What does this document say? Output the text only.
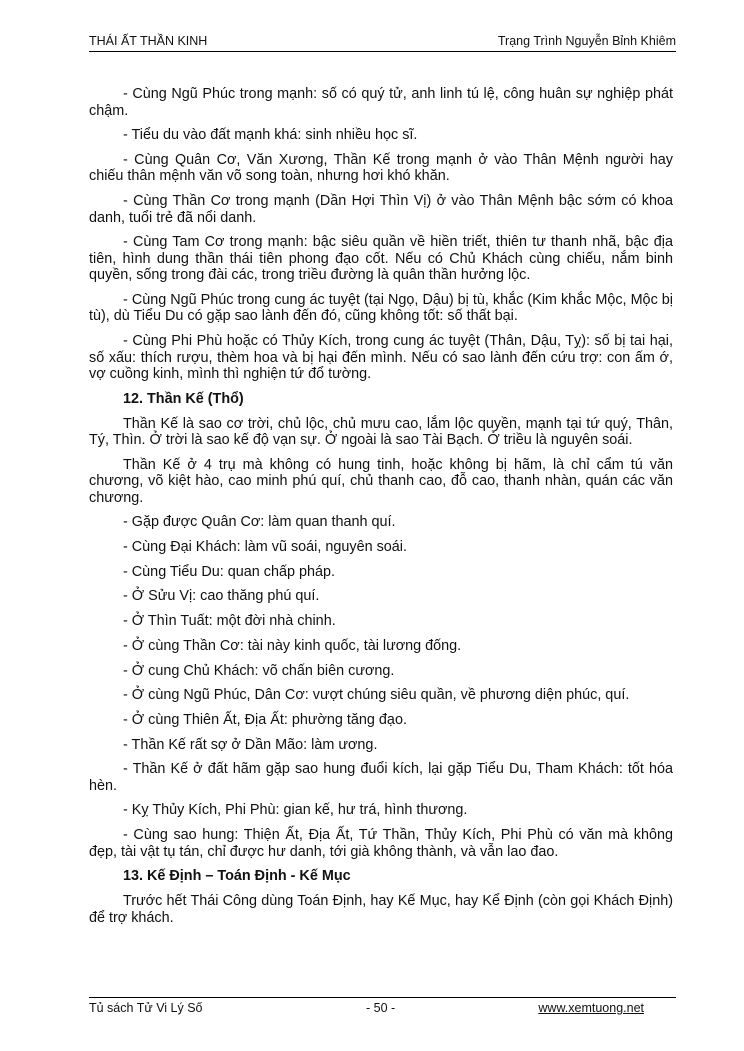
THÁI ẤT THẦN KINH	Trạng Trình Nguyễn Bỉnh Khiêm

- Cùng Ngũ Phúc trong mạnh: số có quý tử, anh linh tú lệ, công huân sự nghiệp phát chậm.

- Tiểu du vào đất mạnh khá: sinh nhiều học sĩ.

- Cùng Quân Cơ, Văn Xương, Thần Kế trong mạnh ở vào Thân Mệnh người hay chiếu thân mệnh văn võ song toàn, nhưng hơi khó khăn.

- Cùng Thần Cơ trong mạnh (Dần Hợi Thìn Vị) ở vào Thân Mệnh bậc sớm có khoa danh, tuổi trẻ đã nổi danh.

- Cùng Tam Cơ trong mạnh: bậc siêu quần về hiền triết, thiên tư thanh nhã, bậc địa tiên, hình dung thần thái tiên phong đạo cốt. Nếu có Chủ Khách cùng chiếu, nắm binh quyền, sống trong đài các, trong triều đường là quân thần hưởng lộc.

- Cùng Ngũ Phúc trong cung ác tuyệt (tại Ngọ, Dậu) bị tù, khắc (Kim khắc Mộc, Mộc bị tù), dù Tiểu Du có gặp sao lành đến đó, cũng không tốt: số thất bại.

- Cùng Phi Phù hoặc có Thủy Kích, trong cung ác tuyệt (Thân, Dậu, Tỵ): số bị tai hại, số xấu: thích rượu, thèm hoa và bị hại đến mình. Nếu có sao lành đến cứu trợ: con ấm ớ, vợ cuồng kinh, mình thì nghiện tứ đổ tường.

12. Thần Kế (Thổ)

Thần Kế là sao cơ trời, chủ lộc, chủ mưu cao, lắm lộc quyền, mạnh tại tứ quý, Thân, Tý, Thìn. Ở trời là sao kế độ vạn sự. Ở ngoài là sao Tài Bạch. Ở triều là nguyên soái.

Thần Kế ở 4 trụ mà không có hung tinh, hoặc không bị hãm, là chỉ cẩm tú văn chương, võ kiệt hào, cao minh phú quí, chủ thanh cao, đỗ cao, thanh nhàn, quán các văn chương.

- Gặp được Quân Cơ: làm quan thanh quí.

- Cùng Đại Khách: làm vũ soái, nguyên soái.

- Cùng Tiểu Du: quan chấp pháp.

- Ở Sửu Vị: cao thăng phú quí.

- Ở Thìn Tuất: một đời nhà chinh.

- Ở cùng Thần Cơ: tài này kinh quốc, tài lương đống.

- Ở cung Chủ Khách: võ chấn biên cương.

- Ở cùng Ngũ Phúc, Dân Cơ: vượt chúng siêu quần, về phương diện phúc, quí.

- Ở cùng Thiên Ất, Địa Ất: phường tăng đạo.

- Thần Kế rất sợ ở Dần Mão: làm ương.

- Thần Kế ở đất hãm gặp sao hung đuổi kích, lại gặp Tiểu Du, Tham Khách: tốt hóa hèn.

- Kỵ Thủy Kích, Phi Phù: gian kế, hư trá, hình thương.

- Cùng sao hung: Thiện Ất, Địa Ất, Tứ Thần, Thủy Kích, Phi Phù có văn mà không đẹp, tài vật tụ tán, chỉ được hư danh, tới già không thành, và vẫn lao đao.

13. Kế Định – Toán Định - Kế Mục

Trước hết Thái Công dùng Toán Định, hay Kế Mục, hay Kể Định (còn gọi Khách Định) để trợ khách.

Tủ sách Tử Vi Lý Số	- 50 -	www.xemtuong.net
